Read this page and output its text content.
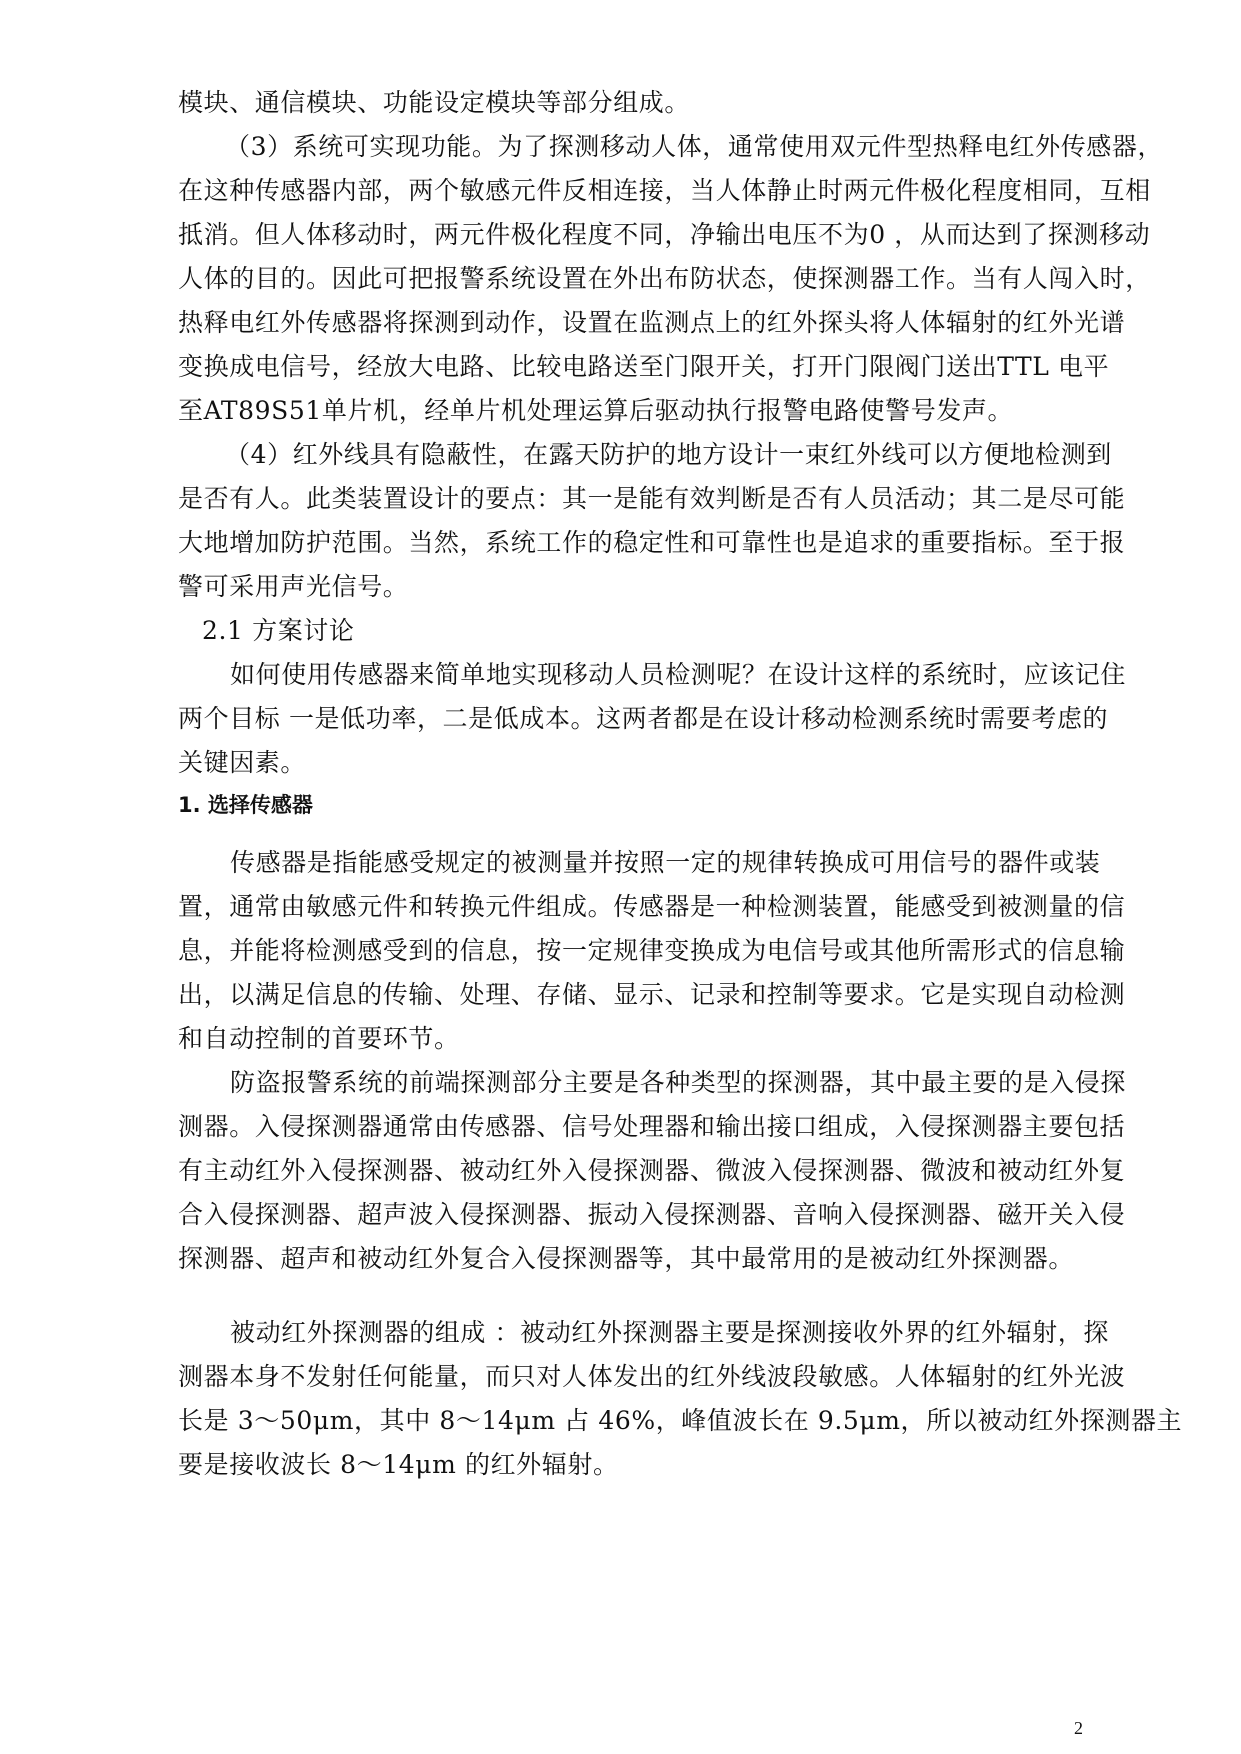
模块、通信模块、功能设定模块等部分组成。
（3）系统可实现功能。为了探测移动人体，通常使用双元件型热释电红外传感器，
在这种传感器内部，两个敏感元件反相连接，当人体静止时两元件极化程度相同，互相
抵消。但人体移动时，两元件极化程度不同，净输出电压不为0 ，从而达到了探测移动
人体的目的。因此可把报警系统设置在外出布防状态，使探测器工作。当有人闯入时，
热释电红外传感器将探测到动作，设置在监测点上的红外探头将人体辐射的红外光谱
变换成电信号，经放大电路、比较电路送至门限开关，打开门限阀门送出TTL 电平
至AT89S51单片机，经单片机处理运算后驱动执行报警电路使警号发声。
（4）红外线具有隐蔽性，在露天防护的地方设计一束红外线可以方便地检测到
是否有人。此类装置设计的要点：其一是能有效判断是否有人员活动；其二是尽可能
大地增加防护范围。当然，系统工作的稳定性和可靠性也是追求的重要指标。至于报
警可采用声光信号。
2.1 方案讨论
如何使用传感器来简单地实现移动人员检测呢？在设计这样的系统时，应该记住
两个目标 一是低功率，二是低成本。这两者都是在设计移动检测系统时需要考虑的
关键因素。
1. 选择传感器
传感器是指能感受规定的被测量并按照一定的规律转换成可用信号的器件或装
置，通常由敏感元件和转换元件组成。传感器是一种检测装置，能感受到被测量的信
息，并能将检测感受到的信息，按一定规律变换成为电信号或其他所需形式的信息输
出，以满足信息的传输、处理、存储、显示、记录和控制等要求。它是实现自动检测
和自动控制的首要环节。
防盗报警系统的前端探测部分主要是各种类型的探测器，其中最主要的是入侵探
测器。入侵探测器通常由传感器、信号处理器和输出接口组成，入侵探测器主要包括
有主动红外入侵探测器、被动红外入侵探测器、微波入侵探测器、微波和被动红外复
合入侵探测器、超声波入侵探测器、振动入侵探测器、音响入侵探测器、磁开关入侵
探测器、超声和被动红外复合入侵探测器等，其中最常用的是被动红外探测器。
被动红外探测器的组成 ：被动红外探测器主要是探测接收外界的红外辐射，探
测器本身不发射任何能量，而只对人体发出的红外线波段敏感。人体辐射的红外光波
长是 3～50μm，其中 8～14μm 占 46%，峰值波长在 9.5μm，所以被动红外探测器主
要是接收波长 8～14μm 的红外辐射。
2
